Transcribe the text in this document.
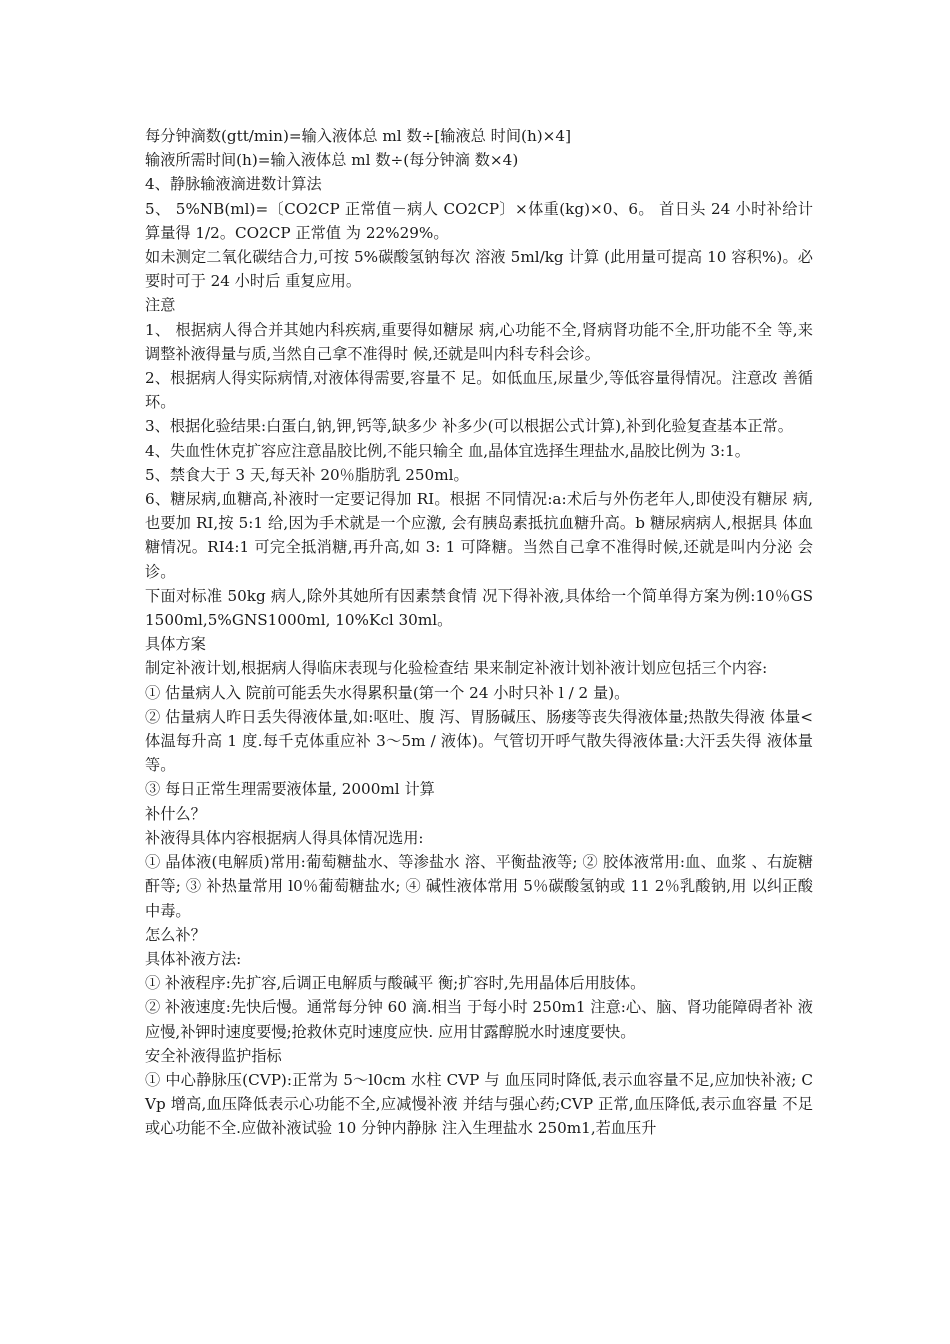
每分钟滴数(gtt/min)=输入液体总 ml 数÷[输液总 时间(h)×4]

输液所需时间(h)=输入液体总 ml 数÷(每分钟滴 数×4)

4、静脉输液滴进数计算法

5、 5%NB(ml)=〔CO2CP 正常值－病人 CO2CP〕×体重(kg)×0、6。 首日头 24 小时补给计算量得 1/2。CO2CP 正常值 为 22%29%。

如未测定二氧化碳结合力,可按 5%碳酸氢钠每次 溶液 5ml/kg 计算 (此用量可提高 10 容积%)。必要时可于 24 小时后 重复应用。

注意

1、 根据病人得合并其她内科疾病,重要得如糖尿 病,心功能不全,肾病肾功能不全,肝功能不全 等,来调整补液得量与质,当然自己拿不准得时 候,还就是叫内科专科会诊。

2、根据病人得实际病情,对液体得需要,容量不 足。如低血压,尿量少,等低容量得情况。注意改 善循环。

3、根据化验结果:白蛋白,钠,钾,钙等,缺多少 补多少(可以根据公式计算),补到化验复查基本正常。

4、失血性休克扩容应注意晶胶比例,不能只输全 血,晶体宜选择生理盐水,晶胶比例为 3:1。

5、禁食大于 3 天,每天补 20％脂肪乳 250ml。

6、糖尿病,血糖高,补液时一定要记得加 RI。根据 不同情况:a:术后与外伤老年人,即使没有糖尿 病,也要加 RI,按 5:1 给,因为手术就是一个应激, 会有胰岛素抵抗血糖升高。b 糖尿病病人,根据具 体血糖情况。RI4:1 可完全抵消糖,再升高,如 3: 1 可降糖。当然自己拿不准得时候,还就是叫内分泌 会诊。

下面对标准 50kg 病人,除外其她所有因素禁食情 况下得补液,具体给一个简单得方案为例:10％GS 1500ml,5%GNS1000ml, 10%Kcl 30ml。

具体方案

制定补液计划,根据病人得临床表现与化验检查结 果来制定补液计划补液计划应包括三个内容:

① 估量病人入 院前可能丢失水得累积量(第一个 24 小时只补 l / 2 量)。

② 估量病人昨日丢失得液体量,如:呕吐、腹 泻、胃肠碱压、肠瘘等丧失得液体量;热散失得液 体量<体温每升高 1 度.每千克体重应补 3～5m / 液体)。气管切开呼气散失得液体量:大汗丢失得 液体量等。

③ 每日正常生理需要液体量, 2000ml 计算

补什么？

补液得具体内容根据病人得具体情况选用:

① 晶体液(电解质)常用:葡萄糖盐水、等渗盐水 溶、平衡盐液等; ② 胶体液常用:血、血浆 、右旋糖酐等; ③ 补热量常用 l0％葡萄糖盐水; ④ 碱性液体常用 5％碳酸氢钠或 11 2％乳酸钠,用 以纠正酸中毒。

怎么补？

具体补液方法:

① 补液程序:先扩容,后调正电解质与酸碱平 衡;扩容时,先用晶体后用肢体。

② 补液速度:先快后慢。通常每分钟 60 滴.相当 于每小时 250m1 注意:心、脑、肾功能障碍者补 液应慢,补钾时速度要慢;抢救休克时速度应快. 应用甘露醇脱水时速度要快。

安全补液得监护指标

① 中心静脉压(CVP):正常为 5～l0cm 水柱 CVP 与 血压同时降低,表示血容量不足,应加快补液; CVp 增高,血压降低表示心功能不全,应减慢补液 并结与强心药;CVP 正常,血压降低,表示血容量 不足或心功能不全.应做补液试验 10 分钟内静脉 注入生理盐水 250m1,若血压升
